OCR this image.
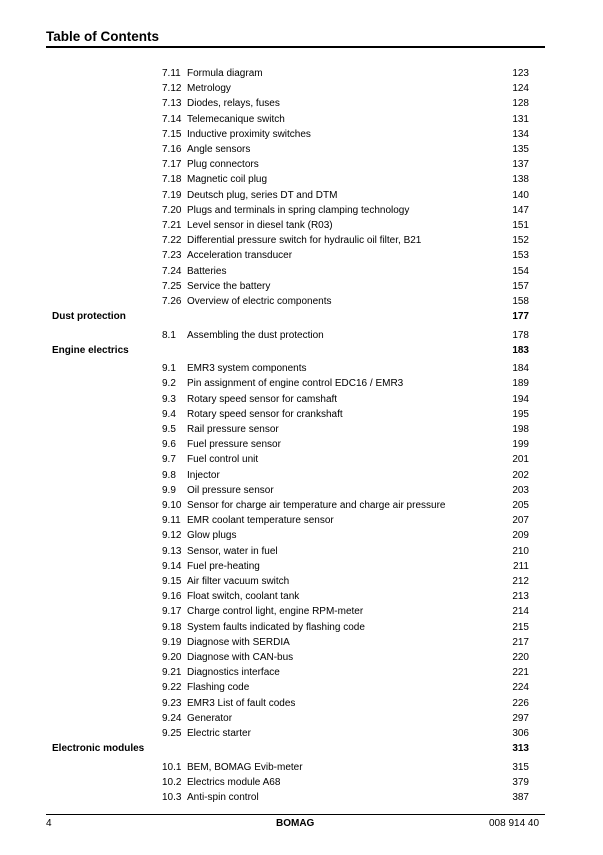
Table of Contents
7.11 Formula diagram	123
7.12 Metrology	124
7.13 Diodes, relays, fuses	128
7.14 Telemecanique switch	131
7.15 Inductive proximity switches	134
7.16 Angle sensors	135
7.17 Plug connectors	137
7.18 Magnetic coil plug	138
7.19 Deutsch plug, series DT and DTM	140
7.20 Plugs and terminals in spring clamping technology	147
7.21 Level sensor in diesel tank (R03)	151
7.22 Differential pressure switch for hydraulic oil filter, B21	152
7.23 Acceleration transducer	153
7.24 Batteries	154
7.25 Service the battery	157
7.26 Overview of electric components	158
Dust protection	177
8.1 Assembling the dust protection	178
Engine electrics	183
9.1 EMR3 system components	184
9.2 Pin assignment of engine control EDC16 / EMR3	189
9.3 Rotary speed sensor for camshaft	194
9.4 Rotary speed sensor for crankshaft	195
9.5 Rail pressure sensor	198
9.6 Fuel pressure sensor	199
9.7 Fuel control unit	201
9.8 Injector	202
9.9 Oil pressure sensor	203
9.10 Sensor for charge air temperature and charge air pressure	205
9.11 EMR coolant temperature sensor	207
9.12 Glow plugs	209
9.13 Sensor, water in fuel	210
9.14 Fuel pre-heating	211
9.15 Air filter vacuum switch	212
9.16 Float switch, coolant tank	213
9.17 Charge control light, engine RPM-meter	214
9.18 System faults indicated by flashing code	215
9.19 Diagnose with SERDIA	217
9.20 Diagnose with CAN-bus	220
9.21 Diagnostics interface	221
9.22 Flashing code	224
9.23 EMR3 List of fault codes	226
9.24 Generator	297
9.25 Electric starter	306
Electronic modules	313
10.1 BEM, BOMAG Evib-meter	315
10.2 Electrics module A68	379
10.3 Anti-spin control	387
4	BOMAG	008 914 40
